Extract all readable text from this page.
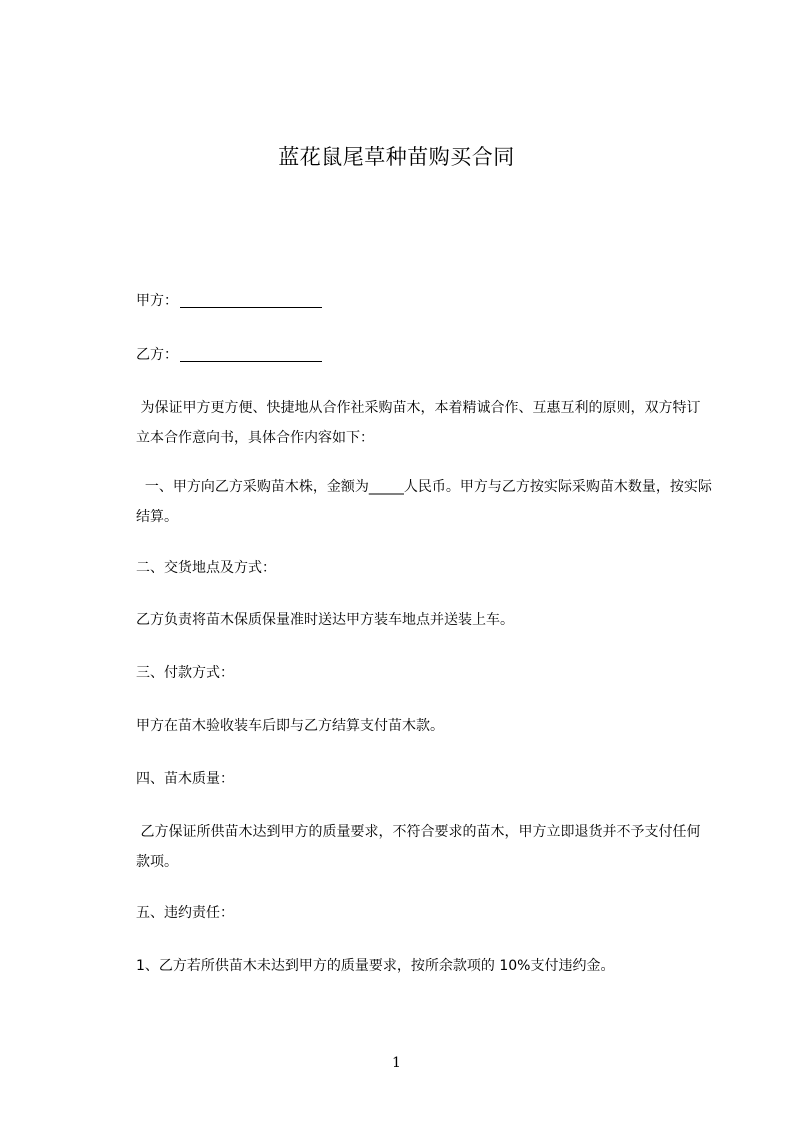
蓝花鼠尾草种苗购买合同

甲方：

乙方：

为保证甲方更方便、快捷地从合作社采购苗木，本着精诚合作、互惠互利的原则，双方特订立本合作意向书，具体合作内容如下：

一、甲方向乙方采购苗木株，金额为_____人民币。甲方与乙方按实际采购苗木数量，按实际结算。

二、交货地点及方式：

乙方负责将苗木保质保量准时送达甲方装车地点并送装上车。

三、付款方式：

甲方在苗木验收装车后即与乙方结算支付苗木款。

四、苗木质量：

乙方保证所供苗木达到甲方的质量要求，不符合要求的苗木，甲方立即退货并不予支付任何款项。

五、违约责任：

1、乙方若所供苗木未达到甲方的质量要求，按所余款项的 10%支付违约金。

1
